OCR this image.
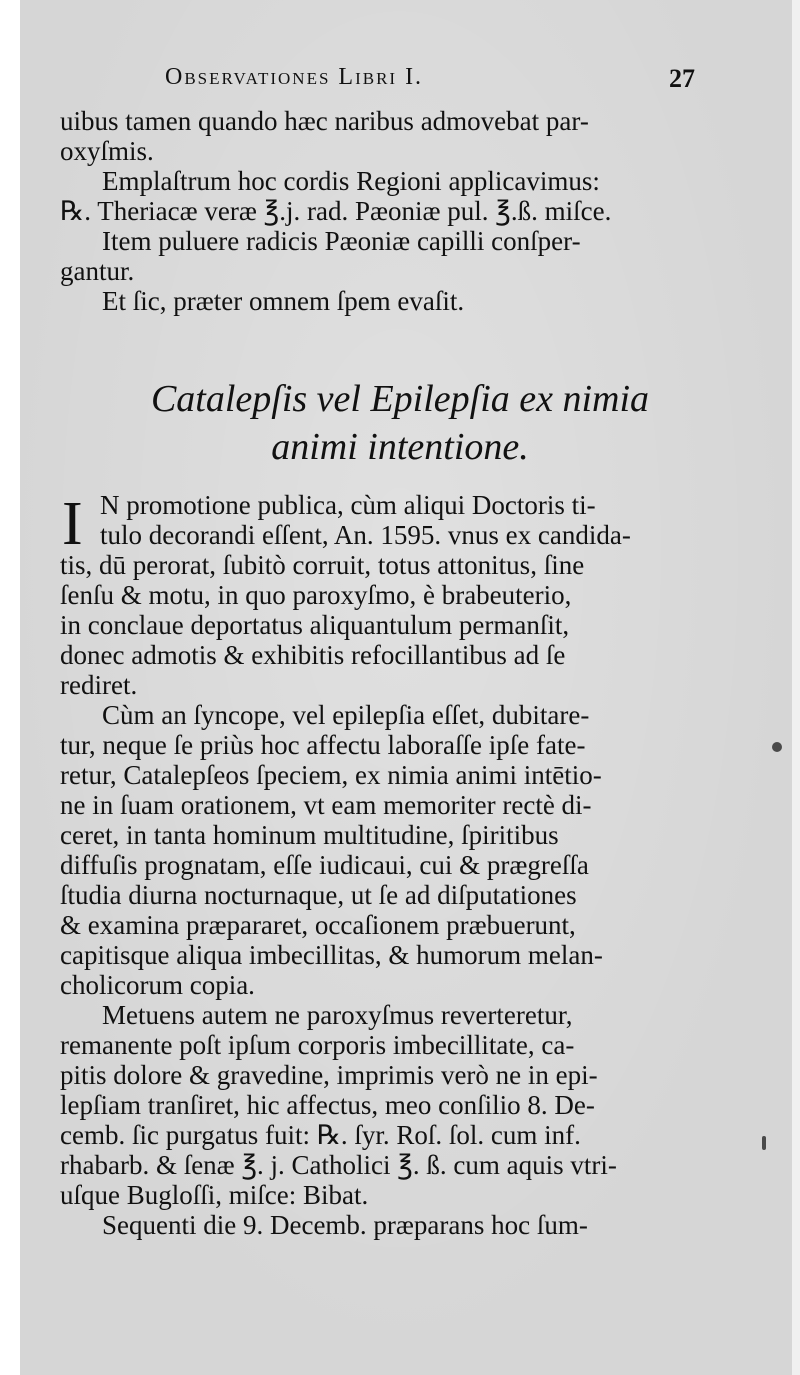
Observationes Libri I.	27
uibus tamen quando hæc naribus admovebat par-
oxyſmis.
Emplaſtrum hoc cordis Regioni applicavimus:
℞. Theriacæ veræ ℥.j. rad. Pæoniæ pul. ℥.ß. miſce.
Item puluere radicis Pæoniæ capilli conſper-
gantur.
Et ſic, præter omnem ſpem evaſit.
Catalepſis vel Epilepſia ex nimia
animi intentione.
I N promotione publica, cùm aliqui Doctoris ti-
tulo decorandi eſſent, An. 1595. vnus ex candida-
tis, dū perorat, ſubitò corruit, totus attonitus, ſine
ſenſu & motu, in quo paroxyſmo, è brabeuterio,
in conclaue deportatus aliquantulum permanſit,
donec admotis & exhibitis refocillantibus ad ſe
rediret.
Cùm an ſyncope, vel epilepſia eſſet, dubitare-
tur, neque ſe priùs hoc affectu laboraſſe ipſe fate-
retur, Catalepſeos ſpeciem, ex nimia animi intētio-
ne in ſuam orationem, vt eam memoriter rectè di-
ceret, in tanta hominum multitudine, ſpiritibus
diffuſis prognatam, eſſe iudicaui, cui & prægreſſa
ſtudia diurna nocturnaque, ut ſe ad diſputationes
& examina præpararet, occaſionem præbuerunt,
capitisque aliqua imbecillitas, & humorum melan-
cholicorum copia.
Metuens autem ne paroxyſmus reverteretur,
remanente poſt ipſum corporis imbecillitate, ca-
pitis dolore & gravedine, imprimis verò ne in epi-
lepſiam tranſiret, hic affectus, meo conſilio 8. De-
cemb. ſic purgatus fuit: ℞. ſyr. Roſ. ſol. cum inf.
rhabarb. & ſenæ ℥. j. Catholici ℥. ß. cum aquis vtri-
uſque Bugloſſi, miſce: Bibat.
Sequenti die 9. Decemb. præparans hoc ſum-
